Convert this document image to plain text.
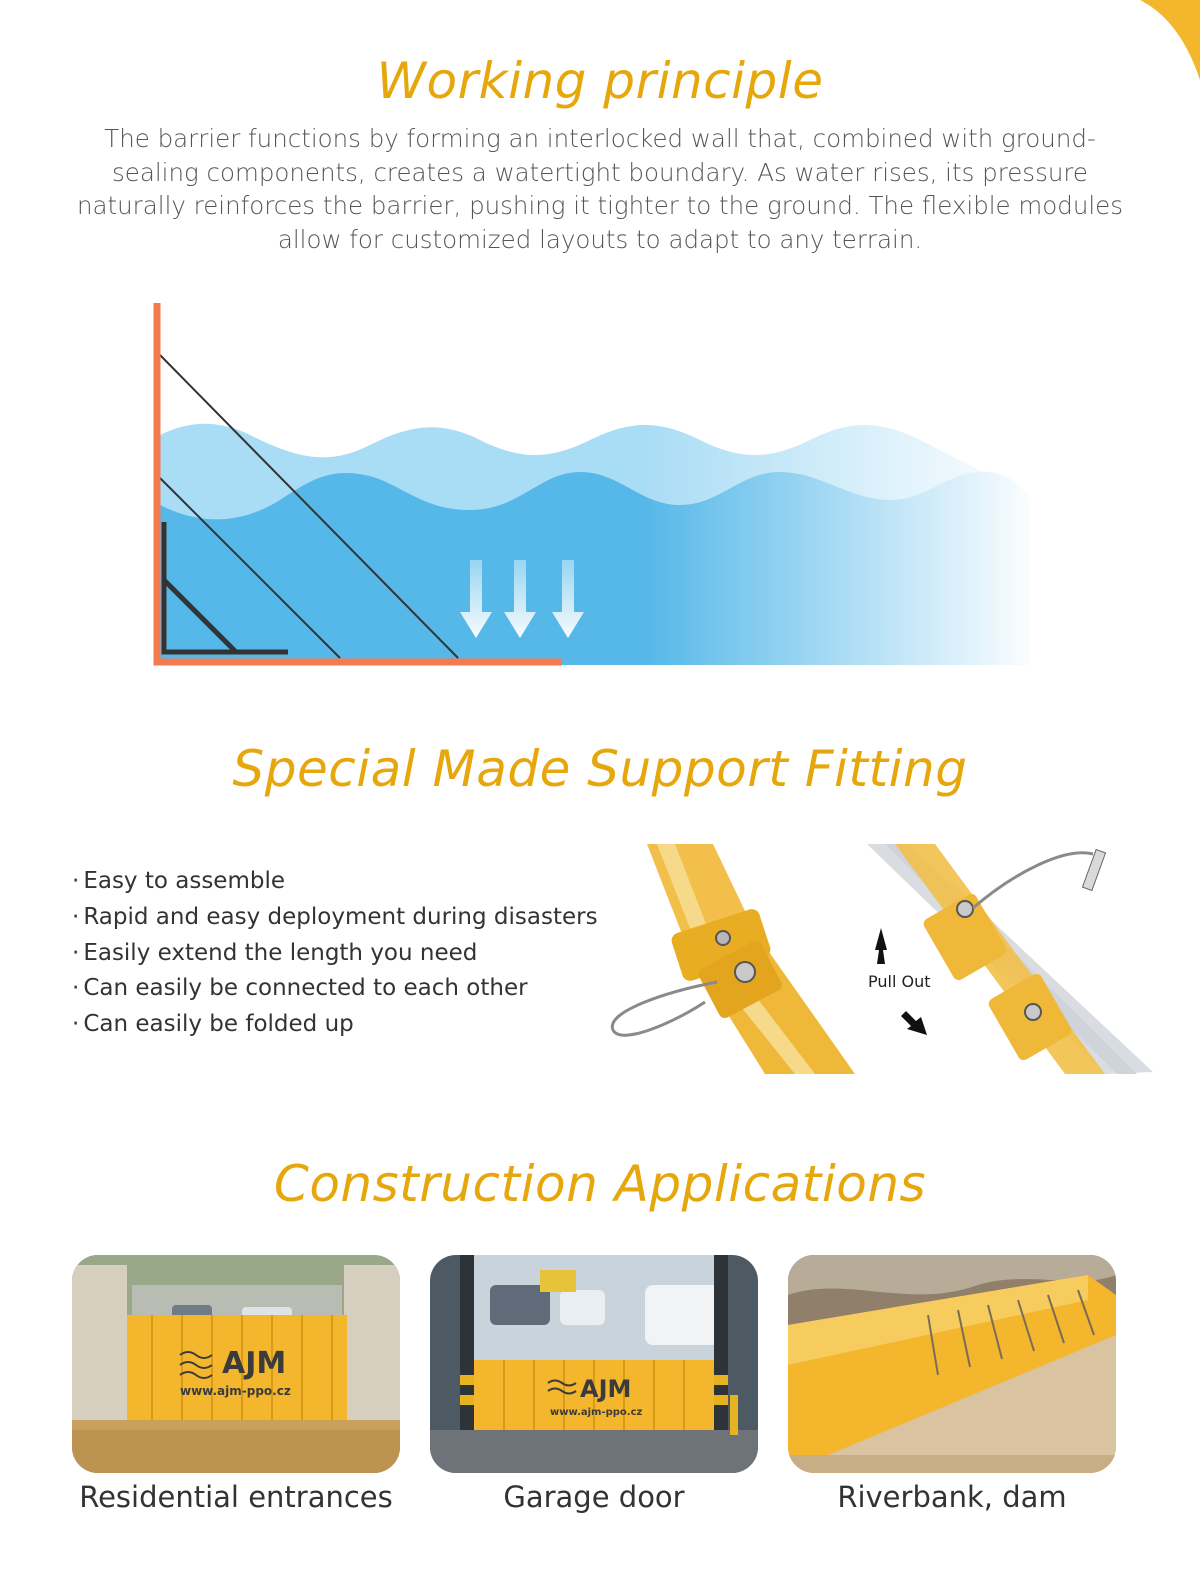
Working principle
The barrier functions by forming an interlocked wall that, combined with ground-sealing components, creates a watertight boundary. As water rises, its pressure naturally reinforces the barrier, pushing it tighter to the ground. The flexible modules allow for customized layouts to adapt to any terrain.
Special Made Support Fitting
· Easy to assemble
· Rapid and easy deployment during disasters
· Easily extend the length you need
· Can easily be connected to each other
· Can easily be folded up
Pull Out
Construction Applications
AJM
www.ajm-ppo.cz
Residential entrances
AJM
www.ajm-ppo.cz
Garage door	Riverbank, dam
